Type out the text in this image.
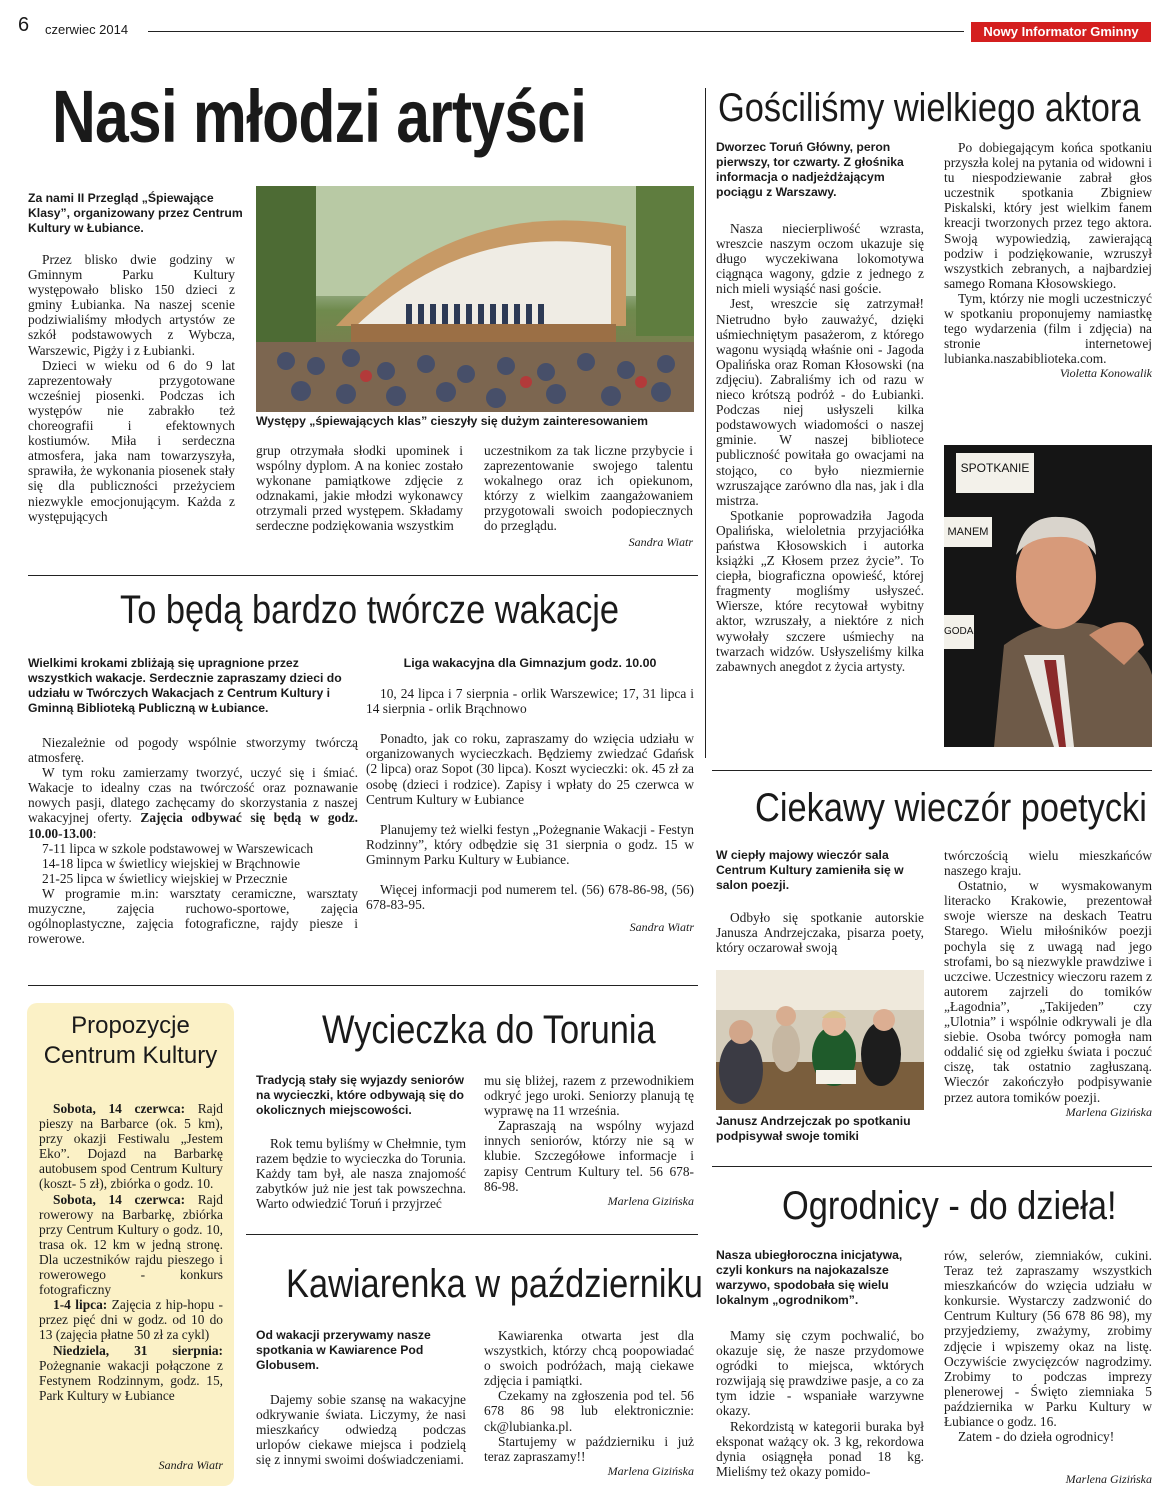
6 czerwiec 2014	Nowy Informator Gminny
Nasi młodzi artyści
Za nami II Przegląd „Śpiewające Klasy”, organizowany przez Centrum Kultury w Łubiance.

Przez blisko dwie godziny w Gminnym Parku Kultury występowało blisko 150 dzieci z gminy Łubianka. Na naszej scenie podziwialiśmy młodych artystów ze szkół podstawowych z Wybcza, Warszewic, Pigży i z Łubianki.

Dzieci w wieku od 6 do 9 lat zaprezentowały przygotowane wcześniej piosenki. Podczas ich występów nie zabrakło też choreografii i efektownych kostiumów. Miła i serdeczna atmosfera, jaka nam towarzyszyła, sprawiła, że wykonania piosenek stały się dla publiczności przeżyciem niezwykle emocjonującym. Każda z występujących

Występy „śpiewających klas” cieszyły się dużym zainteresowaniem

grup otrzymała słodki upominek i wspólny dyplom. A na koniec zostało wykonane pamiątkowe zdjęcie z odznakami, jakie młodzi wykonawcy otrzymali przed występem. Składamy serdeczne podziękowania wszystkim

uczestnikom za tak liczne przybycie i zaprezentowanie swojego talentu wokalnego oraz ich opiekunom, którzy z wielkim zaangażowaniem przygotowali swoich podopiecznych do przeglądu.

Sandra Wiatr
Gościliśmy wielkiego aktora
Dworzec Toruń Główny, peron pierwszy, tor czwarty. Z głośnika informacja o nadjeżdżającym pociągu z Warszawy.

Nasza niecierpliwość wzrasta, wreszcie naszym oczom ukazuje się długo wyczekiwana lokomotywa ciągnąca wagony, gdzie z jednego z nich mieli wysiąść nasi goście.

Jest, wreszcie się zatrzymał! Nietrudno było zauważyć, dzięki uśmiechniętym pasażerom, z którego wagonu wysiądą właśnie oni - Jagoda Opalińska oraz Roman Kłosowski (na zdjęciu). Zabraliśmy ich od razu w nieco krótszą podróż - do Łubianki. Podczas niej usłyszeli kilka podstawowych wiadomości o naszej gminie. W naszej bibliotece publiczność powitała go owacjami na stojąco, co było niezmiernie wzruszające zarówno dla nas, jak i dla mistrza.

Spotkanie poprowadziła Jagoda Opalińska, wieloletnia przyjaciółka państwa Kłosowskich i autorka książki „Z Kłosem przez życie”. To ciepła, biograficzna opowieść, której fragmenty mogliśmy usłyszeć. Wiersze, które recytował wybitny aktor, wzruszały, a niektóre z nich wywołały szczere uśmiechy na twarzach widzów. Usłyszeliśmy kilka zabawnych anegdot z życia artysty.

Po dobiegającym końca spotkaniu przyszła kolej na pytania od widowni i tu niespodziewanie zabrał głos uczestnik spotkania Zbigniew Piskalski, który jest wielkim fanem kreacji tworzonych przez tego aktora. Swoją wypowiedzią, zawierającą podziw i podziękowanie, wzruszył wszystkich zebranych, a najbardziej samego Romana Kłosowskiego.

Tym, którzy nie mogli uczestniczyć w spotkaniu proponujemy namiastkę tego wydarzenia (film i zdjęcia) na stronie internetowej lubianka.naszabiblioteka.com.

Violetta Konowalik
SPOTKANIE
MANEM
GODA
To będą bardzo twórcze wakacje
Wielkimi krokami zbliżają się upragnione przez wszystkich wakacje. Serdecznie zapraszamy dzieci do udziału w Twórczych Wakacjach z Centrum Kultury i Gminną Biblioteką Publiczną w Łubiance.

Niezależnie od pogody wspólnie stworzymy twórczą atmosferę.

W tym roku zamierzamy tworzyć, uczyć się i śmiać. Wakacje to idealny czas na twórczość oraz poznawanie nowych pasji, dlatego zachęcamy do skorzystania z naszej wakacyjnej oferty. Zajęcia odbywać się będą w godz. 10.00-13.00:

7-11 lipca w szkole podstawowej w Warszewicach

14-18 lipca w świetlicy wiejskiej w Brąchnowie

21-25 lipca w świetlicy wiejskiej w Przecznie

W programie m.in: warsztaty ceramiczne, warsztaty muzyczne, zajęcia ruchowo-sportowe, zajęcia ogólnoplastyczne, zajęcia fotograficzne, rajdy piesze i rowerowe.

Liga wakacyjna dla Gimnazjum godz. 10.00

10, 24 lipca i 7 sierpnia - orlik Warszewice; 17, 31 lipca i 14 sierpnia - orlik Brąchnowo

Ponadto, jak co roku, zapraszamy do wzięcia udziału w organizowanych wycieczkach. Będziemy zwiedzać Gdańsk (2 lipca) oraz Sopot (30 lipca). Koszt wycieczki: ok. 45 zł za osobę (dzieci i rodzice). Zapisy i wpłaty do 25 czerwca w Centrum Kultury w Łubiance

Planujemy też wielki festyn „Pożegnanie Wakacji - Festyn Rodzinny”, który odbędzie się 31 sierpnia o godz. 15 w Gminnym Parku Kultury w Łubiance.

Więcej informacji pod numerem tel. (56) 678-86-98, (56) 678-83-95.

Sandra Wiatr
Ciekawy wieczór poetycki
W ciepły majowy wieczór sala Centrum Kultury zamieniła się w salon poezji.

Odbyło się spotkanie autorskie Janusza Andrzejczaka, pisarza poety, który oczarował swoją

Janusz Andrzejczak po spotkaniu podpisywał swoje tomiki

twórczością wielu mieszkańców naszego kraju.

Ostatnio, w wysmakowanym literacko Krakowie, prezentował swoje wiersze na deskach Teatru Starego. Wielu miłośników poezji pochyla się z uwagą nad jego strofami, bo są niezwykle prawdziwe i uczciwe. Uczestnicy wieczoru razem z autorem zajrzeli do tomików „Łagodnia”, „Takijeden” czy „Ulotnia” i wspólnie odkrywali je dla siebie. Osoba twórcy pomogła nam oddalić się od zgiełku świata i poczuć ciszę, tak ostatnio zagłuszaną. Wieczór zakończyło podpisywanie przez autora tomików poezji.

Marlena Gizińska
Propozycje
Centrum Kultury

Sobota, 14 czerwca: Rajd pieszy na Barbarce (ok. 5 km), przy okazji Festiwalu „Jestem Eko”. Dojazd na Barbarkę autobusem spod Centrum Kultury (koszt- 5 zł), zbiórka o godz. 10.

Sobota, 14 czerwca: Rajd rowerowy na Barbarkę, zbiórka przy Centrum Kultury o godz. 10, trasa ok. 12 km w jedną stronę. Dla uczestników rajdu pieszego i rowerowego - konkurs fotograficzny

1-4 lipca: Zajęcia z hip-hopu - przez pięć dni w godz. od 10 do 13 (zajęcia płatne 50 zł za cykl)

Niedziela, 31 sierpnia: Pożegnanie wakacji połączone z Festynem Rodzinnym, godz. 15, Park Kultury w Łubiance

Sandra Wiatr
Wycieczka do Torunia
Tradycją stały się wyjazdy seniorów na wycieczki, które odbywają się do okolicznych miejscowości.

Rok temu byliśmy w Chełmnie, tym razem będzie to wycieczka do Torunia. Każdy tam był, ale nasza znajomość zabytków już nie jest tak powszechna. Warto odwiedzić Toruń i przyjrzeć

mu się bliżej, razem z przewodnikiem odkryć jego uroki. Seniorzy planują tę wyprawę na 11 września.

Zapraszają na wspólny wyjazd innych seniorów, którzy nie są w klubie. Szczegółowe informacje i zapisy Centrum Kultury tel. 56 678-86-98.

Marlena Gizińska
Kawiarenka w październiku
Od wakacji przerywamy nasze spotkania w Kawiarence Pod Globusem.

Dajemy sobie szansę na wakacyjne odkrywanie świata. Liczymy, że nasi mieszkańcy odwiedzą podczas urlopów ciekawe miejsca i podzielą się z innymi swoimi doświadczeniami.

Kawiarenka otwarta jest dla wszystkich, którzy chcą poopowiadać o swoich podróżach, mają ciekawe zdjęcia i pamiątki.

Czekamy na zgłoszenia pod tel. 56 678 86 98 lub elektronicznie: ck@lubianka.pl.

Startujemy w październiku i już teraz zapraszamy!!

Marlena Gizińska
Ogrodnicy - do dzieła!
Nasza ubiegłoroczna inicjatywa, czyli konkurs na najokazalsze warzywo, spodobała się wielu lokalnym „ogrodnikom”.

Mamy się czym pochwalić, bo okazuje się, że nasze przydomowe ogródki to miejsca, wktórych rozwijają się prawdziwe pasje, a co za tym idzie - wspaniałe warzywne okazy.

Rekordzistą w kategorii buraka był eksponat ważący ok. 3 kg, rekordowa dynia osiągnęła ponad 18 kg. Mieliśmy też okazy pomido-

rów, selerów, ziemniaków, cukini. Teraz też zapraszamy wszystkich mieszkańców do wzięcia udziału w konkursie. Wystarczy zadzwonić do Centrum Kultury (56 678 86 98), my przyjedziemy, zważymy, zrobimy zdjęcie i wpiszemy okaz na listę. Oczywiście zwycięzców nagrodzimy. Zrobimy to podczas imprezy plenerowej - Święto ziemniaka 5 października w Parku Kultury w Łubiance o godz. 16.

Zatem - do dzieła ogrodnicy!

Marlena Gizińska
